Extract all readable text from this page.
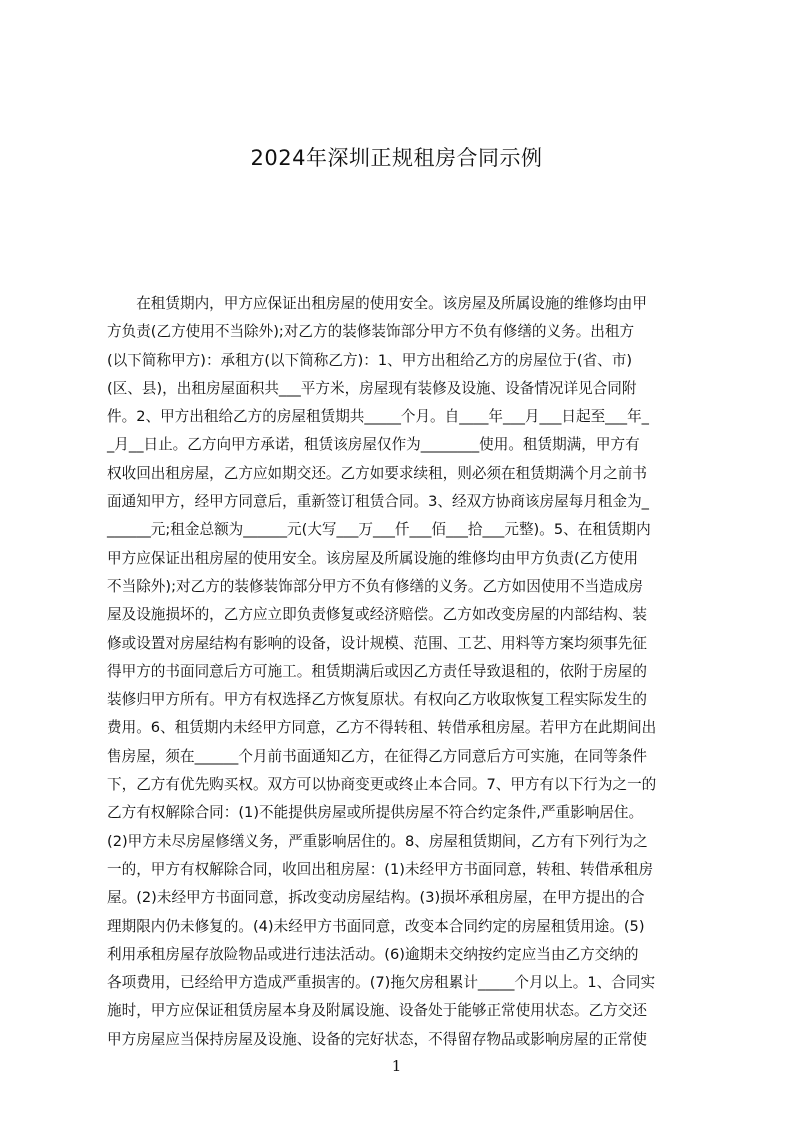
2024年深圳正规租房合同示例
　　在租赁期内，甲方应保证出租房屋的使用安全。该房屋及所属设施的维修均由甲
方负责(乙方使用不当除外);对乙方的装修装饰部分甲方不负有修缮的义务。出租方
(以下简称甲方)：承租方(以下简称乙方)：1、甲方出租给乙方的房屋位于(省、市)
(区、县)，出租房屋面积共___平方米，房屋现有装修及设施、设备情况详见合同附
件。2、甲方出租给乙方的房屋租赁期共_____个月。自____年___月___日起至___年_
_月__日止。乙方向甲方承诺，租赁该房屋仅作为________使用。租赁期满，甲方有
权收回出租房屋，乙方应如期交还。乙方如要求续租，则必须在租赁期满个月之前书
面通知甲方，经甲方同意后，重新签订租赁合同。3、经双方协商该房屋每月租金为_
______元;租金总额为______元(大写___万___仟___佰___拾___元整)。5、在租赁期内
甲方应保证出租房屋的使用安全。该房屋及所属设施的维修均由甲方负责(乙方使用
不当除外);对乙方的装修装饰部分甲方不负有修缮的义务。乙方如因使用不当造成房
屋及设施损坏的，乙方应立即负责修复或经济赔偿。乙方如改变房屋的内部结构、装
修或设置对房屋结构有影响的设备，设计规模、范围、工艺、用料等方案均须事先征
得甲方的书面同意后方可施工。租赁期满后或因乙方责任导致退租的，依附于房屋的
装修归甲方所有。甲方有权选择乙方恢复原状。有权向乙方收取恢复工程实际发生的
费用。6、租赁期内未经甲方同意，乙方不得转租、转借承租房屋。若甲方在此期间出
售房屋，须在______个月前书面通知乙方，在征得乙方同意后方可实施，在同等条件
下，乙方有优先购买权。双方可以协商变更或终止本合同。7、甲方有以下行为之一的
乙方有权解除合同：(1)不能提供房屋或所提供房屋不符合约定条件,严重影响居住。
(2)甲方未尽房屋修缮义务，严重影响居住的。8、房屋租赁期间，乙方有下列行为之
一的，甲方有权解除合同，收回出租房屋：(1)未经甲方书面同意，转租、转借承租房
屋。(2)未经甲方书面同意，拆改变动房屋结构。(3)损坏承租房屋，在甲方提出的合
理期限内仍未修复的。(4)未经甲方书面同意，改变本合同约定的房屋租赁用途。(5)
利用承租房屋存放险物品或进行违法活动。(6)逾期未交纳按约定应当由乙方交纳的
各项费用，已经给甲方造成严重损害的。(7)拖欠房租累计_____个月以上。1、合同实
施时，甲方应保证租赁房屋本身及附属设施、设备处于能够正常使用状态。乙方交还
甲方房屋应当保持房屋及设施、设备的完好状态，不得留存物品或影响房屋的正常使
1
